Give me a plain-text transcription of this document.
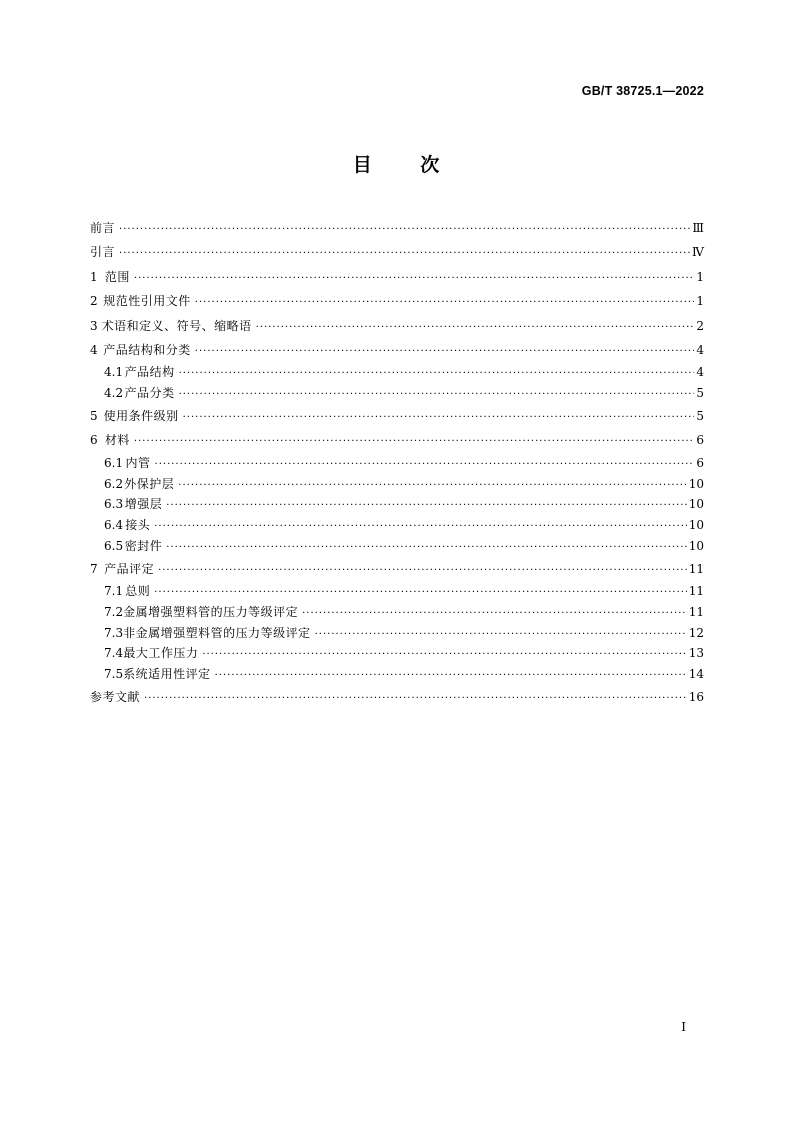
GB/T 38725.1—2022
目 次
前言 ·····	Ⅲ
引言 ·····	Ⅳ
1 范围 ·····	1
2 规范性引用文件 ·····	1
3 术语和定义、符号、缩略语 ·····	2
4 产品结构和分类 ·····	4
4.1 产品结构 ·····	4
4.2 产品分类 ·····	5
5 使用条件级别 ·····	5
6 材料 ·····	6
6.1 内管 ·····	6
6.2 外保护层 ·····	10
6.3 增强层 ·····	10
6.4 接头 ·····	10
6.5 密封件 ·····	10
7 产品评定 ·····	11
7.1 总则 ·····	11
7.2 金属增强塑料管的压力等级评定 ·····	11
7.3 非金属增强塑料管的压力等级评定 ·····	12
7.4 最大工作压力 ·····	13
7.5 系统适用性评定 ·····	14
参考文献 ·····	16
Ⅰ
